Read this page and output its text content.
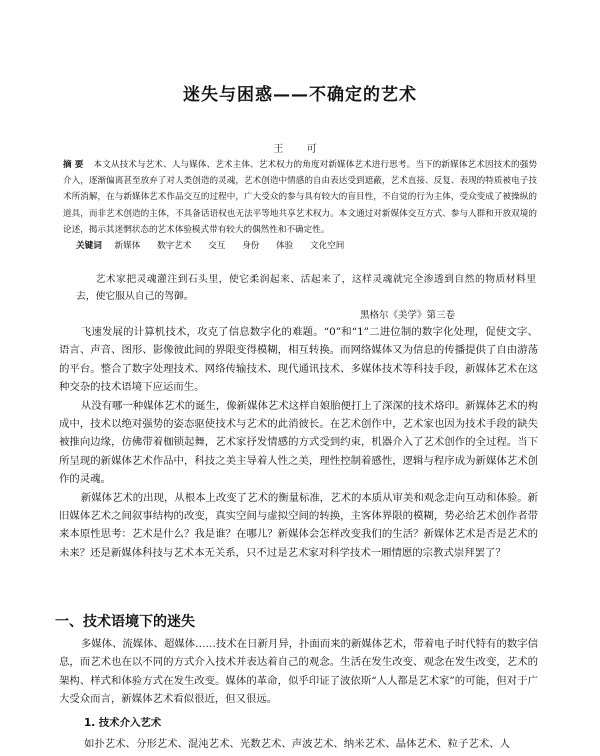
迷失与困惑——不确定的艺术
王 可
摘 要 本文从技术与艺术、人与媒体、艺术主体、艺术权力的角度对新媒体艺术进行思考。当下的新媒体艺术因技术的强势介入，逐渐偏离甚至放弃了对人类创造的灵魂，艺术创造中情感的自由表达受到遮蔽，艺术直接、反复、表现的特质被电子技术所消解，在与新媒体艺术作品交互的过程中，广大受众的参与具有较大的盲目性，不自觉的行为主体，受众变成了被操纵的道具，而非艺术创造的主体，不具备话语权也无法平等地共享艺术权力。本文通过对新媒体交互方式、参与人群和开放双境的论述，揭示其迷惘状态的艺术体验模式带有较大的偶然性和不确定性。
关键词 新媒体 数字艺术 交互 身份 体验 文化空间
艺术家把灵魂灌注到石头里，使它柔润起来、活起来了，这样灵魂就完全渗透到自然的物质材料里去，使它服从自己的驾御。
黑格尔《美学》第三卷

飞速发展的计算机技术，攻克了信息数字化的难题。“0”和“1”二进位制的数字化处理，促使文字、语言、声音、图形、影像彼此间的界限变得模糊，相互转换。而网络媒体又为信息的传播提供了自由游荡的平台。整合了数字处理技术、网络传输技术、现代通讯技术、多媒体技术等科技手段，新媒体艺术在这种交杂的技术语境下应运而生。

从没有哪一种媒体艺术的诞生，像新媒体艺术这样自娘胎便打上了深深的技术烙印。新媒体艺术的构成中，技术以绝对强势的姿态驱使技术与艺术的此消彼长。在艺术创作中，艺术家也因为技术手段的缺失被推向边缘，仿佛带着枷锁起舞，艺术家抒发情感的方式受到约束，机器介入了艺术创作的全过程。当下所呈现的新媒体艺术作品中，科技之美主导着人性之美，理性控制着感性，逻辑与程序成为新媒体艺术创作的灵魂。

新媒体艺术的出现，从根本上改变了艺术的衡量标准，艺术的本质从审美和观念走向互动和体验。新旧媒体艺术之间叙事结构的改变，真实空间与虚拟空间的转换，主客体界限的模糊，势必给艺术创作者带来本原性思考：艺术是什么？我是谁？在哪儿？新媒体会怎样改变我们的生活？新媒体艺术是否是艺术的未来？还是新媒体科技与艺术本无关系，只不过是艺术家对科学技术一厢情愿的宗教式崇拜罢了？

一、技术语境下的迷失

多媒体、流媒体、超媒体……技术在日新月异，扑面而来的新媒体艺术，带着电子时代特有的数字信息，而艺术也在以不同的方式介入技术并表达着自己的观念。生活在发生改变、观念在发生改变，艺术的架构、样式和体验方式在发生改变。媒体的革命，似乎印证了波依斯“人人都是艺术家”的可能，但对于广大受众而言，新媒体艺术看似很近，但又很远。

1. 技术介入艺术
如扑艺术、分形艺术、混沌艺术、光数艺术、声波艺术、纳米艺术、晶体艺术、粒子艺术、人
